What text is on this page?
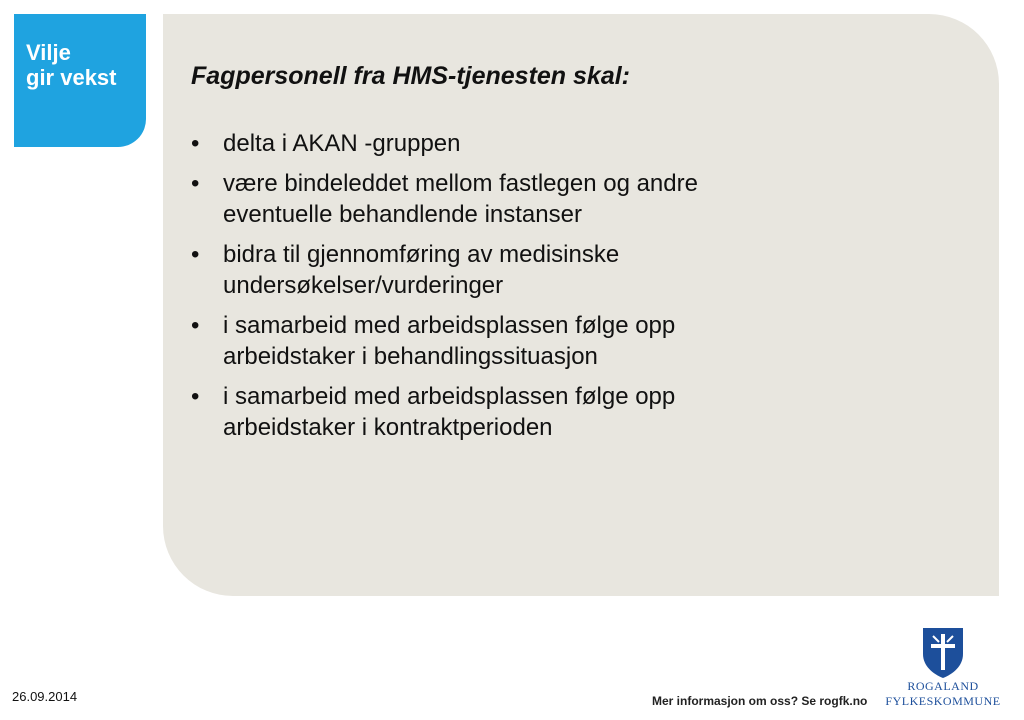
Vilje
gir vekst	Fagpersonell fra HMS-tjenesten skal:
• delta i AKAN -gruppen
• være bindeleddet mellom fastlegen og andre
eventuelle behandlende instanser
• bidra til gjennomføring av medisinske
undersøkelser/vurderinger
• i samarbeid med arbeidsplassen følge opp
arbeidstaker i behandlingssituasjon
• i samarbeid med arbeidsplassen følge opp
arbeidstaker i kontraktperioden
26.09.2014	Mer informasjon om oss? Se rogfk.no
ROGALAND
FYLKESKOMMUNE
